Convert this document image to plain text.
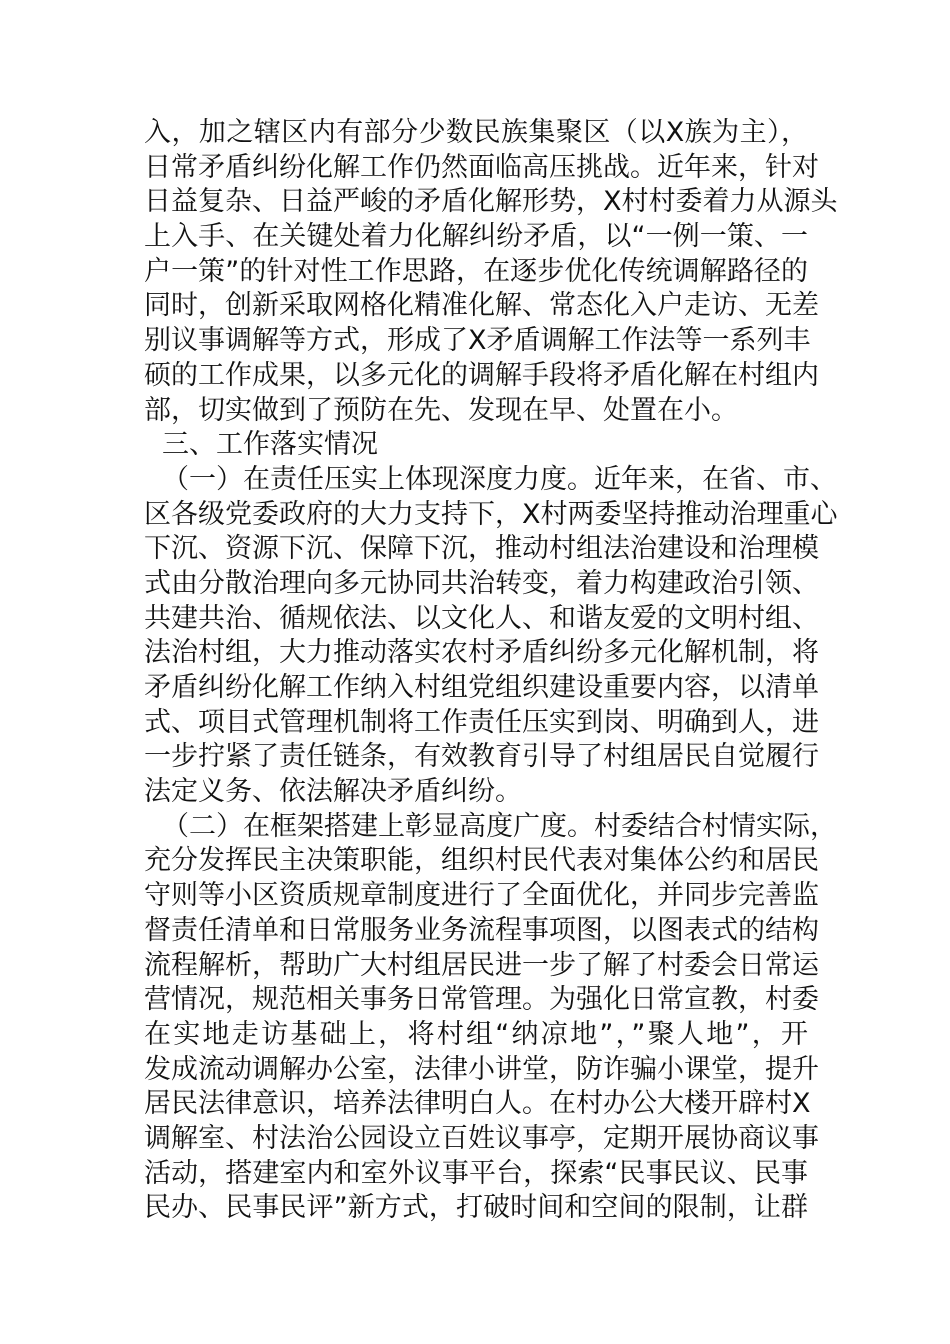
入，加之辖区内有部分少数民族集聚区（以X族为主），
日常矛盾纠纷化解工作仍然面临高压挑战。近年来，针对
日益复杂、日益严峻的矛盾化解形势，X村村委着力从源头
上入手、在关键处着力化解纠纷矛盾，以“一例一策、一
户一策”的针对性工作思路，在逐步优化传统调解路径的
同时，创新采取网格化精准化解、常态化入户走访、无差
别议事调解等方式，形成了X矛盾调解工作法等一系列丰
硕的工作成果，以多元化的调解手段将矛盾化解在村组内
部，切实做到了预防在先、发现在早、处置在小。
三、工作落实情况
（一）在责任压实上体现深度力度。近年来，在省、市、
区各级党委政府的大力支持下，X村两委坚持推动治理重心
下沉、资源下沉、保障下沉，推动村组法治建设和治理模
式由分散治理向多元协同共治转变，着力构建政治引领、
共建共治、循规依法、以文化人、和谐友爱的文明村组、
法治村组，大力推动落实农村矛盾纠纷多元化解机制，将
矛盾纠纷化解工作纳入村组党组织建设重要内容，以清单
式、项目式管理机制将工作责任压实到岗、明确到人，进
一步拧紧了责任链条，有效教育引导了村组居民自觉履行
法定义务、依法解决矛盾纠纷。
（二）在框架搭建上彰显高度广度。村委结合村情实际，
充分发挥民主决策职能，组织村民代表对集体公约和居民
守则等小区资质规章制度进行了全面优化，并同步完善监
督责任清单和日常服务业务流程事项图，以图表式的结构
流程解析，帮助广大村组居民进一步了解了村委会日常运
营情况，规范相关事务日常管理。为强化日常宣教，村委
在实地走访基础上，将村组“纳凉地”，”聚人地”，开
发成流动调解办公室，法律小讲堂，防诈骗小课堂，提升
居民法律意识，培养法律明白人。在村办公大楼开辟村X
调解室、村法治公园设立百姓议事亭，定期开展协商议事
活动，搭建室内和室外议事平台，探索“民事民议、民事
民办、民事民评”新方式，打破时间和空间的限制，让群
